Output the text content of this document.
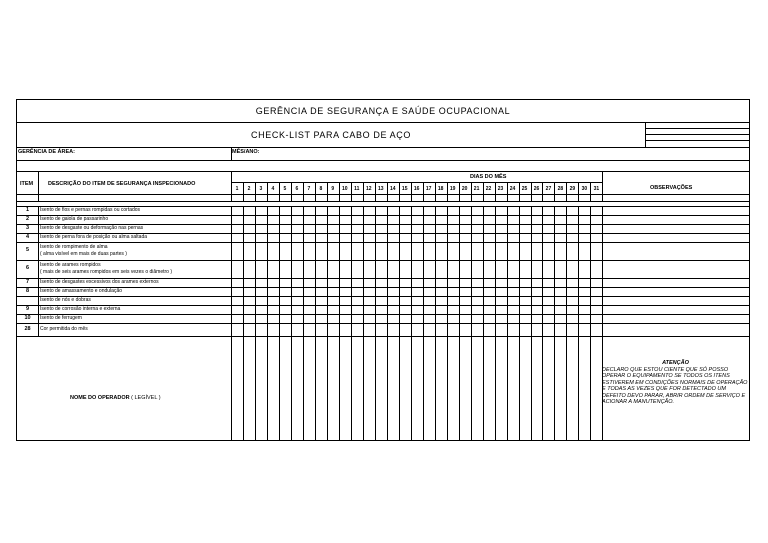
GERÊNCIA DE SEGURANÇA E SAÚDE OCUPACIONAL
CHECK-LIST PARA CABO DE AÇO
GERÊNCIA DE ÁREA:	MÊS/ANO:
DIAS DO MÊS
ITEM	DESCRIÇÃO DO ITEM DE SEGURANÇA INSPECIONADO
OBSERVAÇÕES
NOME DO OPERADOR ( LEGÍVEL )
ATENÇÃO
DECLARO QUE ESTOU CIENTE QUE SÓ POSSO OPERAR O EQUIPAMENTO SE TODOS OS ITENS ESTIVEREM EM CONDIÇÕES NORMAIS DE OPERAÇÃO E TODAS AS VEZES QUE FOR DETECTADO UM DEFEITO DEVO PARAR, ABRIR ORDEM DE SERVIÇO E ACIONAR A MANUTENÇÃO.
1	2	3	4	5	6	7	8	9	10	11	12	13	14	15	16	17	18	19	20	21	22	23	24	25	26	27	28	29	30	31
1	Isento de fios e pernas rompidas ou cortados
2	Isento de gaiola de passarinho
3	Isento de desgaste ou deformação nas pernas
4	Isento de perna fora de posição ou alma saltada
5	Isento de rompimento de alma
( alma visível em mais de duas partes )
6	Isento de arames rompidos
( mais de seis arames rompidos em seis vezes o diâmetro )
7	Isento de desgastes excessivos dos arames externos
8	Isento de amassamento e ondulação
Isento de nós e dobras
9	Isento de corrosão interna e externa
10	Isento de ferrugem
28	Cor permitida do mês
